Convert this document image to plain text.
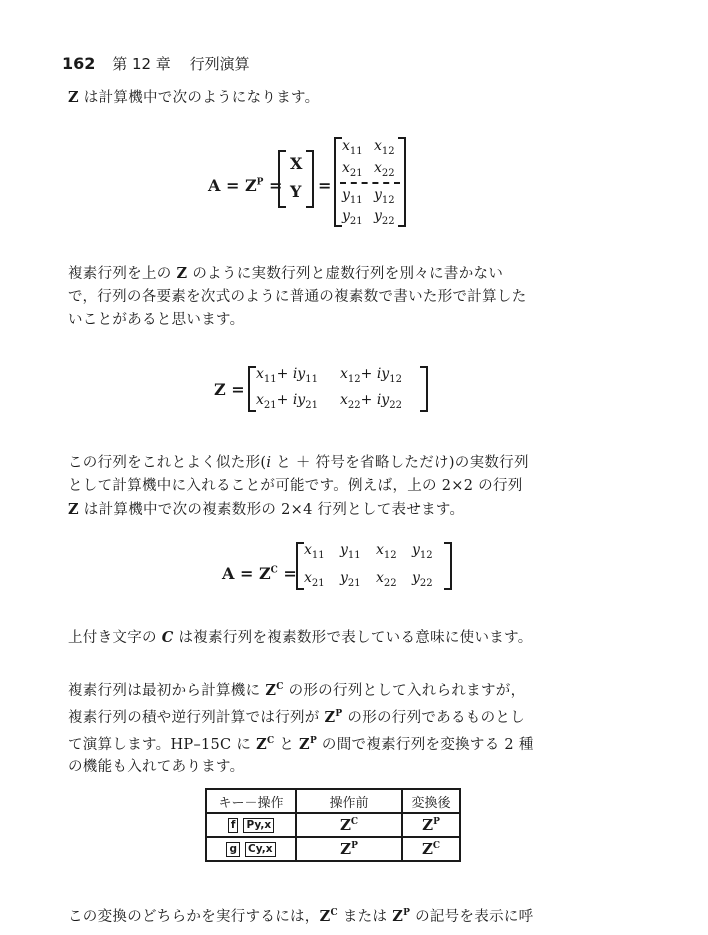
162 第 12 章 行列演算

Z は計算機中で次のようになります。

$A = Z^P$ =
X
Y =
$x_{11}$ $x_{12}$
$x_{21}$ $x_{22}$
$y_{11}$ $y_{12}$
$y_{21}$ $y_{22}$

複素行列を上の Z のように実数行列と虚数行列を別々に書かない

で，行列の各要素を次式のように普通の複素数で書いた形で計算した

いことがあると思います。

Z =
$x_{11}+ iy_{11}$ $x_{12}+ iy_{12}$
$x_{21}+ iy_{21}$ $x_{22}+ iy_{22}$

この行列をこれとよく似た形(i と ＋ 符号を省略しただけ)の実数行列

として計算機中に入れることが可能です。例えば，上の 2×2 の行列

Z は計算機中で次の複素数形の 2×4 行列として表せます。

$A = Z^C$ =
$x_{11}$ $y_{11}$ $x_{12}$ $y_{12}$
$x_{21}$ $y_{21}$ $x_{22}$ $y_{22}$

上付き文字の C は複素行列を複素数形で表している意味に使います。

複素行列は最初から計算機に $Z^C$ の形の行列として入れられますが，

複素行列の積や逆行列計算では行列が $Z^P$ の形の行列であるものとし

て演算します。HP–15C に $Z^C$ と $Z^P$ の間で複素行列を変換する 2 種

の機能も入れてあります。

キー－操作	操作前	変換後

f Py,x	$Z^C$	$Z^P$

g Cy,x	$Z^P$	$Z^C$

この変換のどちらかを実行するには，$Z^C$ または $Z^P$ の記号を表示に呼
